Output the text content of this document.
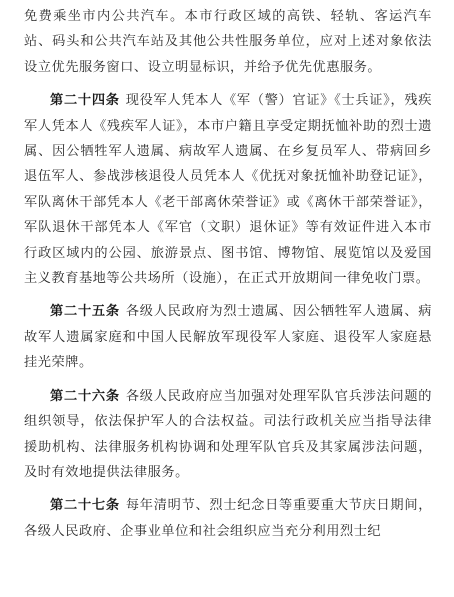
免费乘坐市内公共汽车。本市行政区域的高铁、轻轨、客运汽车站、码头和公共汽车站及其他公共性服务单位，应对上述对象依法设立优先服务窗口、设立明显标识，并给予优先优惠服务。

第二十四条 现役军人凭本人《军（警）官证》《士兵证》，残疾军人凭本人《残疾军人证》，本市户籍且享受定期抚恤补助的烈士遗属、因公牺牲军人遗属、病故军人遗属、在乡复员军人、带病回乡退伍军人、参战涉核退役人员凭本人《优抚对象抚恤补助登记证》，军队离休干部凭本人《老干部离休荣誉证》或《离休干部荣誉证》，军队退休干部凭本人《军官（文职）退休证》等有效证件进入本市行政区域内的公园、旅游景点、图书馆、博物馆、展览馆以及爱国主义教育基地等公共场所（设施），在正式开放期间一律免收门票。

第二十五条 各级人民政府为烈士遗属、因公牺牲军人遗属、病故军人遗属家庭和中国人民解放军现役军人家庭、退役军人家庭悬挂光荣牌。

第二十六条 各级人民政府应当加强对处理军队官兵涉法问题的组织领导，依法保护军人的合法权益。司法行政机关应当指导法律援助机构、法律服务机构协调和处理军队官兵及其家属涉法问题，及时有效地提供法律服务。

第二十七条 每年清明节、烈士纪念日等重要重大节庆日期间，各级人民政府、企事业单位和社会组织应当充分利用烈士纪
